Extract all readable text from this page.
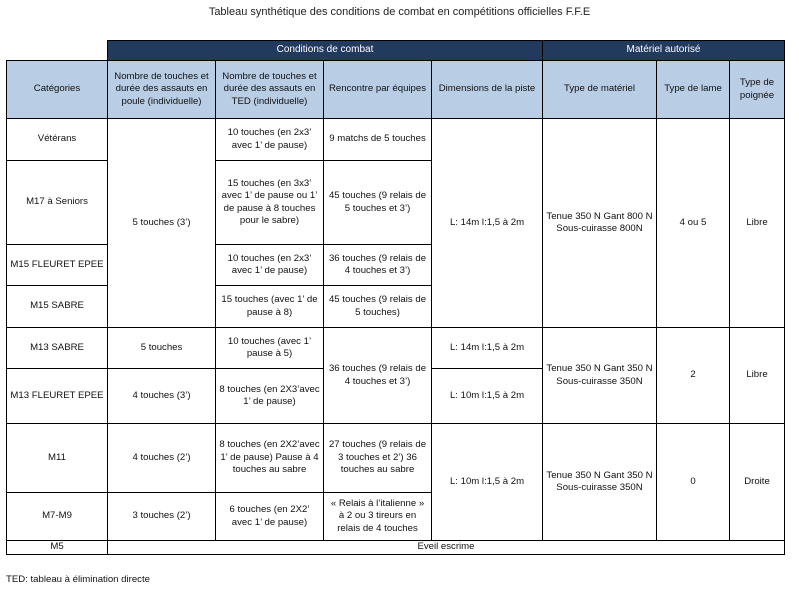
Tableau synthétique des conditions de combat en compétitions officielles F.F.E
	Conditions de combat				Matériel autorisé		
Catégories	Nombre de touches et durée des assauts en poule (individuelle)	Nombre de touches et durée des assauts en TED (individuelle)	Rencontre par équipes	Dimensions de la piste	Type de matériel	Type de lame	Type de poignée
Vétérans	5 touches (3’)	10 touches (en 2x3’ avec 1’ de pause)	9 matchs de 5 touches	L: 14m l:1,5 à 2m	Tenue 350 N Gant 800 N Sous-cuirasse 800N	4 ou 5	Libre
M17 à Seniors		15 touches (en 3x3’ avec 1’ de pause ou 1’ de pause à 8 touches pour le sabre)	45 touches (9 relais de 5 touches et 3’)				
M15 FLEURET EPEE		10 touches (en 2x3’ avec 1’ de pause)	36 touches (9 relais de 4 touches et 3’)				
M15 SABRE		15 touches (avec 1’ de pause à 8)	45 touches (9 relais de 5 touches)				
M13 SABRE	5 touches	10 touches (avec 1’ pause à 5)	36 touches (9 relais de 4 touches et 3’)	L: 14m l:1,5 à 2m	Tenue 350 N Gant 350 N Sous-cuirasse 350N	2	Libre
M13 FLEURET EPEE	4 touches (3’)	8 touches (en 2X3’avec 1’ de pause)		L: 10m l:1,5 à 2m			
M11	4 touches (2’)	8 touches (en 2X2’avec 1’ de pause) Pause à 4 touches au sabre	27 touches (9 relais de 3 touches et 2’) 36 touches au sabre	L: 10m l:1,5 à 2m	Tenue 350 N Gant 350 N Sous-cuirasse 350N	0	Droite
M7-M9	3 touches (2’)	6 touches (en 2X2’ avec 1’ de pause)	« Relais à l’italienne » à 2 ou 3 tireurs en relais de 4 touches				
M5	Eveil escrime						
TED: tableau à élimination directe
